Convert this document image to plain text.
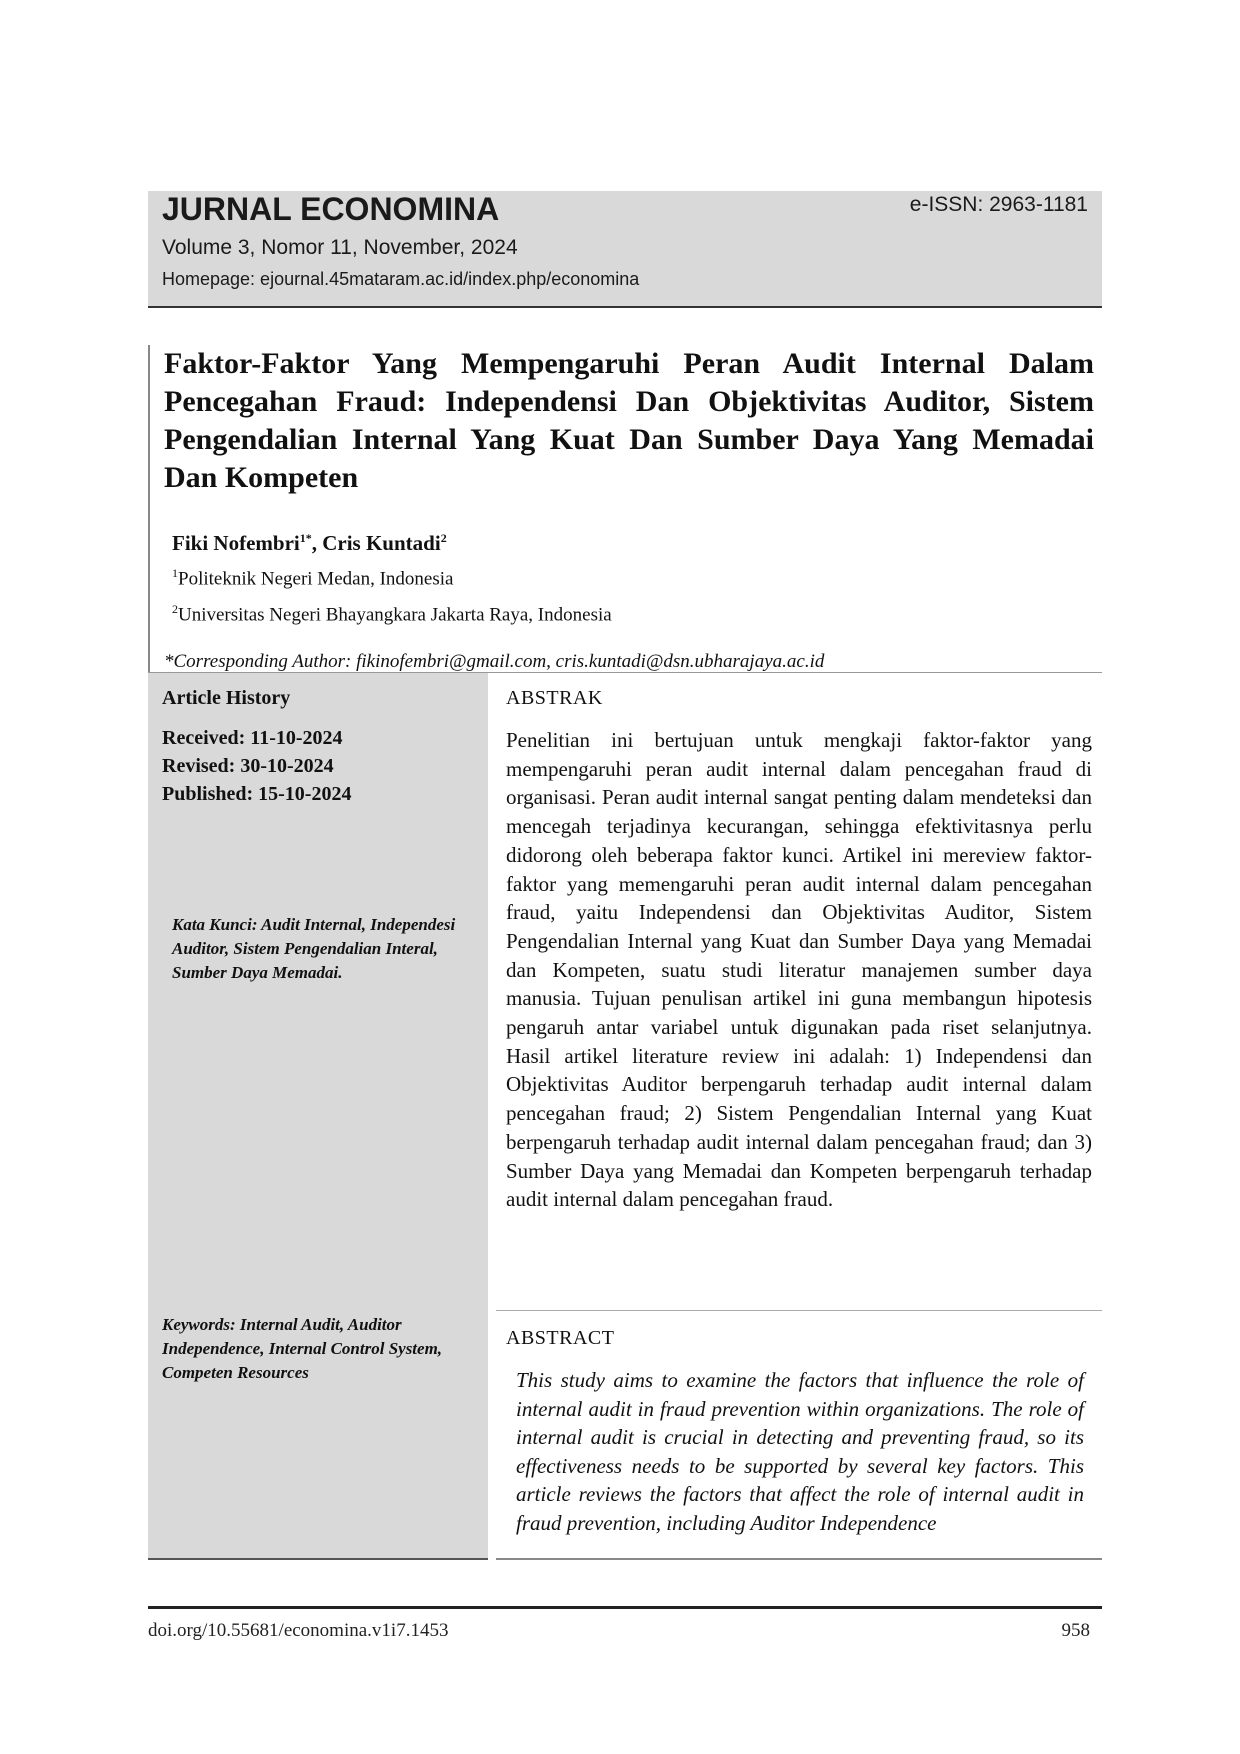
JURNAL ECONOMINA	e-ISSN: 2963-1181
Volume 3, Nomor 11, November, 2024
Homepage: ejournal.45mataram.ac.id/index.php/economina
Faktor-Faktor Yang Mempengaruhi Peran Audit Internal Dalam Pencegahan Fraud: Independensi Dan Objektivitas Auditor, Sistem Pengendalian Internal Yang Kuat Dan Sumber Daya Yang Memadai Dan Kompeten
Fiki Nofembri$^{1*}$, Cris Kuntadi$^2$
$^1$Politeknik Negeri Medan, Indonesia
$^2$Universitas Negeri Bhayangkara Jakarta Raya, Indonesia
*Corresponding Author: fikinofembri@gmail.com, cris.kuntadi@dsn.ubharajaya.ac.id

Article History

Received: 11-10-2024

Revised: 30-10-2024

Published: 15-10-2024

Kata Kunci: Audit Internal, Independesi Auditor, Sistem Pengendalian Interal, Sumber Daya Memadai.
Keywords: Internal Audit, Auditor Independence, Internal Control System, Competen Resources

ABSTRAK

Penelitian ini bertujuan untuk mengkaji faktor-faktor yang mempengaruhi peran audit internal dalam pencegahan fraud di organisasi. Peran audit internal sangat penting dalam mendeteksi dan mencegah terjadinya kecurangan, sehingga efektivitasnya perlu didorong oleh beberapa faktor kunci. Artikel ini mereview faktor-faktor yang memengaruhi peran audit internal dalam pencegahan fraud, yaitu Independensi dan Objektivitas Auditor, Sistem Pengendalian Internal yang Kuat dan Sumber Daya yang Memadai dan Kompeten, suatu studi literatur manajemen sumber daya manusia. Tujuan penulisan artikel ini guna membangun hipotesis pengaruh antar variabel untuk digunakan pada riset selanjutnya. Hasil artikel literature review ini adalah: 1) Independensi dan Objektivitas Auditor berpengaruh terhadap audit internal dalam pencegahan fraud; 2) Sistem Pengendalian Internal yang Kuat berpengaruh terhadap audit internal dalam pencegahan fraud; dan 3) Sumber Daya yang Memadai dan Kompeten berpengaruh terhadap audit internal dalam pencegahan fraud.

ABSTRACT

This study aims to examine the factors that influence the role of internal audit in fraud prevention within organizations. The role of internal audit is crucial in detecting and preventing fraud, so its effectiveness needs to be supported by several key factors. This article reviews the factors that affect the role of internal audit in fraud prevention, including Auditor Independence

doi.org/10.55681/economina.v1i7.1453	958
